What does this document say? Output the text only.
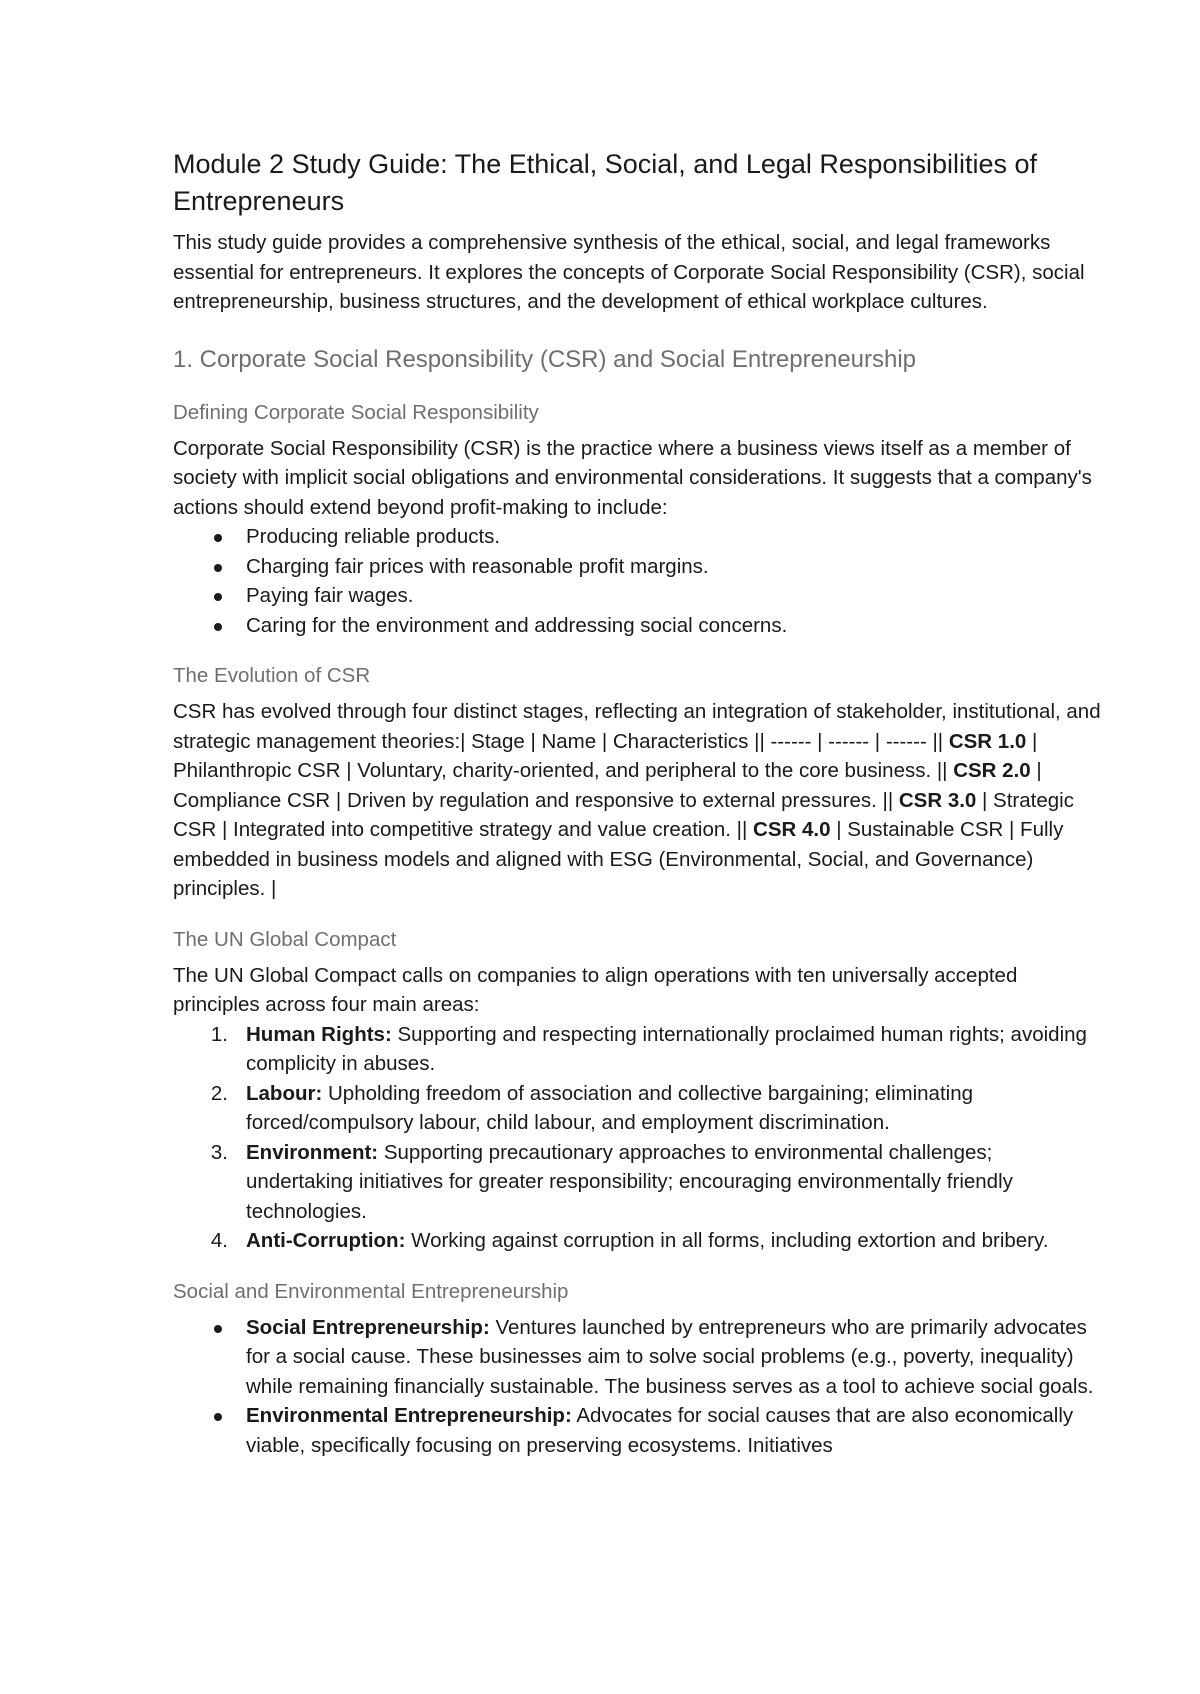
Module 2 Study Guide: The Ethical, Social, and Legal Responsibilities of Entrepreneurs

This study guide provides a comprehensive synthesis of the ethical, social, and legal frameworks essential for entrepreneurs. It explores the concepts of Corporate Social Responsibility (CSR), social entrepreneurship, business structures, and the development of ethical workplace cultures.

1. Corporate Social Responsibility (CSR) and Social Entrepreneurship
Defining Corporate Social Responsibility

Corporate Social Responsibility (CSR) is the practice where a business views itself as a member of society with implicit social obligations and environmental considerations. It suggests that a company's actions should extend beyond profit-making to include:

Producing reliable products.
Charging fair prices with reasonable profit margins.
Paying fair wages.
Caring for the environment and addressing social concerns.
The Evolution of CSR

CSR has evolved through four distinct stages, reflecting an integration of stakeholder, institutional, and strategic management theories:| Stage | Name | Characteristics || ------ | ------ | ------ || CSR 1.0 | Philanthropic CSR | Voluntary, charity-oriented, and peripheral to the core business. || CSR 2.0 | Compliance CSR | Driven by regulation and responsive to external pressures. || CSR 3.0 | Strategic CSR | Integrated into competitive strategy and value creation. || CSR 4.0 | Sustainable CSR | Fully embedded in business models and aligned with ESG (Environmental, Social, and Governance) principles. |

The UN Global Compact

The UN Global Compact calls on companies to align operations with ten universally accepted principles across four main areas:

1. Human Rights: Supporting and respecting internationally proclaimed human rights; avoiding complicity in abuses.
2. Labour: Upholding freedom of association and collective bargaining; eliminating forced/compulsory labour, child labour, and employment discrimination.
3. Environment: Supporting precautionary approaches to environmental challenges; undertaking initiatives for greater responsibility; encouraging environmentally friendly technologies.
4. Anti-Corruption: Working against corruption in all forms, including extortion and bribery.
Social and Environmental Entrepreneurship
Social Entrepreneurship: Ventures launched by entrepreneurs who are primarily advocates for a social cause. These businesses aim to solve social problems (e.g., poverty, inequality) while remaining financially sustainable. The business serves as a tool to achieve social goals.
Environmental Entrepreneurship: Advocates for social causes that are also economically viable, specifically focusing on preserving ecosystems. Initiatives
